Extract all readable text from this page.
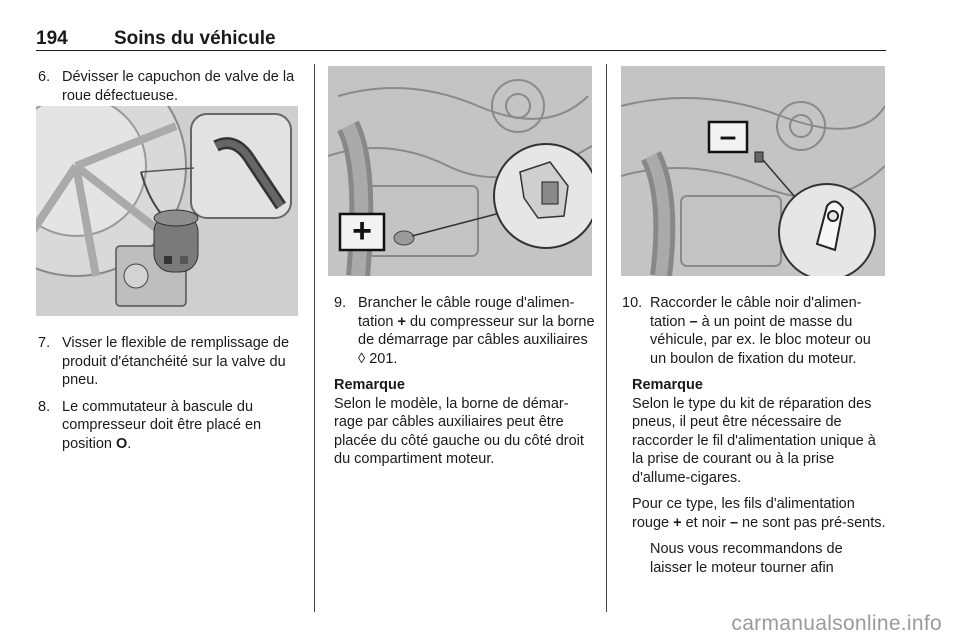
194 Soins du véhicule
6. Dévisser le capuchon de valve de la roue défectueuse.
7. Visser le flexible de remplissage de produit d'étanchéité sur la valve du pneu.
8. Le commutateur à bascule du compresseur doit être placé en position O.
+
9. Brancher le câble rouge d'alimen-tation + du compresseur sur la borne de démarrage par câbles auxiliaires ◊ 201.
Remarque
Selon le modèle, la borne de démar-rage par câbles auxiliaires peut être placée du côté gauche ou du côté droit du compartiment moteur.
–
10. Raccorder le câble noir d'alimen-tation – à un point de masse du véhicule, par ex. le bloc moteur ou un boulon de fixation du moteur.
Remarque
Selon le type du kit de réparation des pneus, il peut être nécessaire de raccorder le fil d'alimentation unique à la prise de courant ou à la prise d'allume-cigares.
Pour ce type, les fils d'alimentation rouge + et noir – ne sont pas pré-sents.
Nous vous recommandons de laisser le moteur tourner afin
carmanualsonline.info
